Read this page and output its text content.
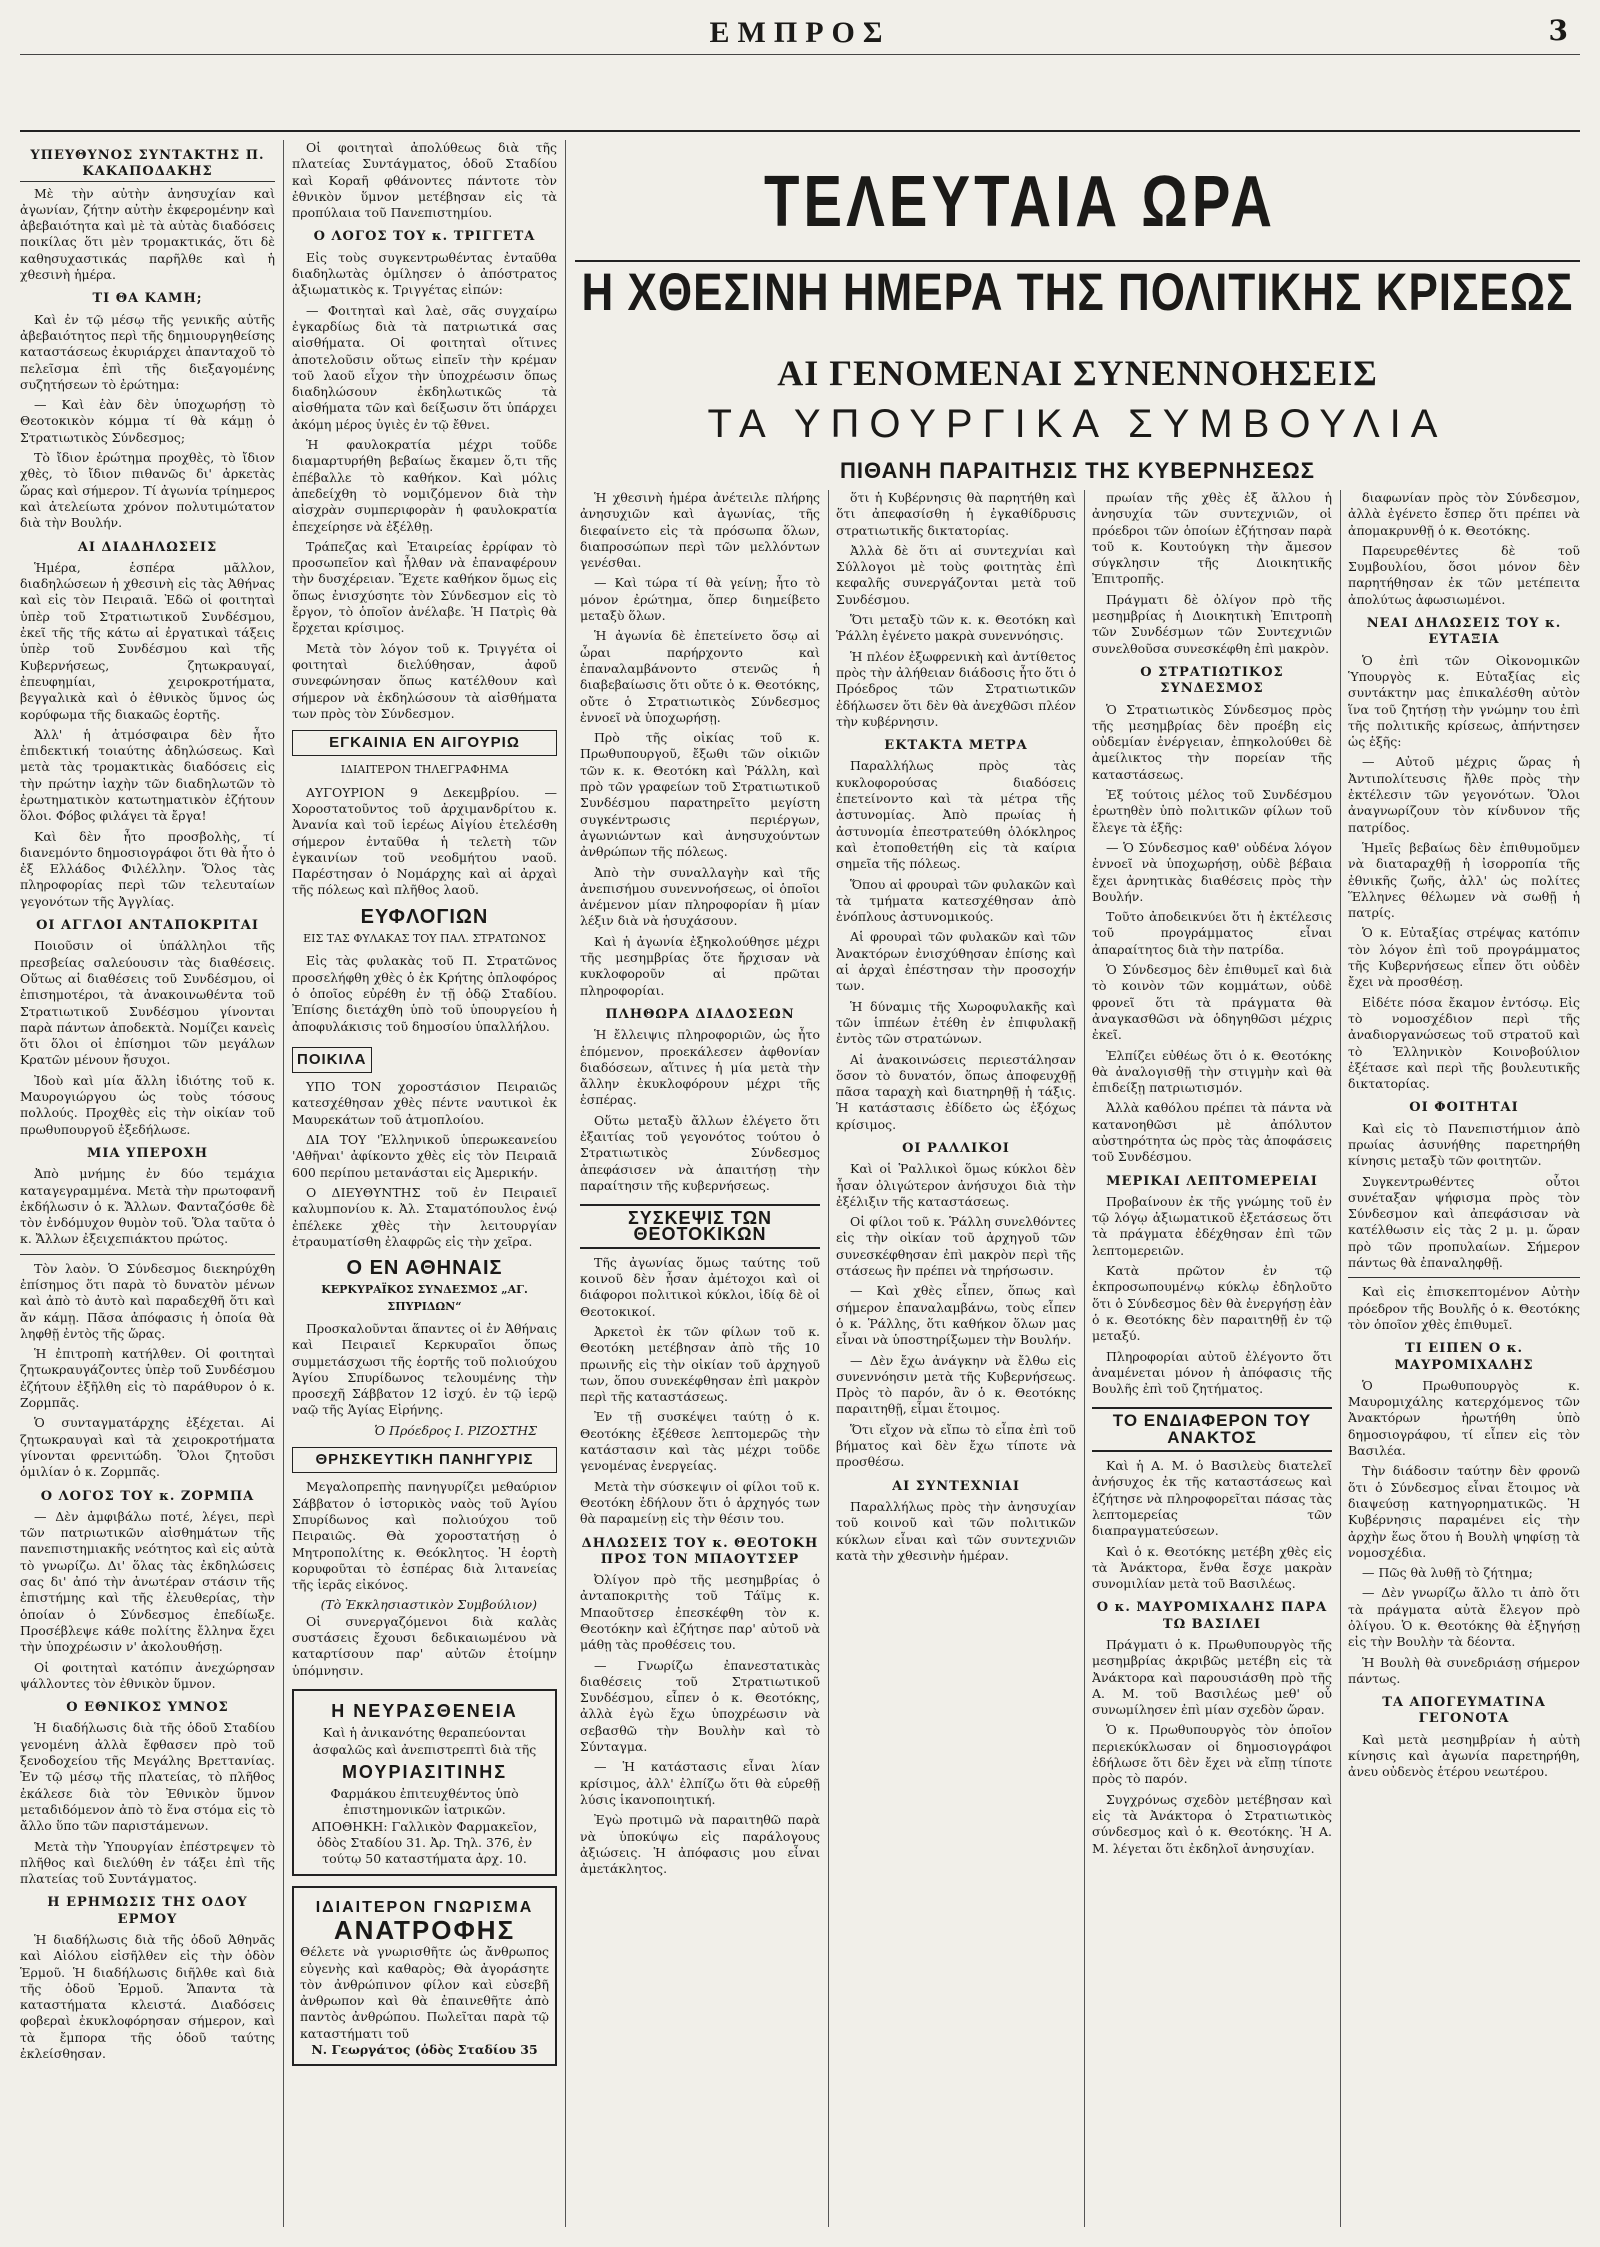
ΕΜΠΡΟΣ	3
ΥΠΕΥΘΥΝΟΣ ΣΥΝΤΑΚΤΗΣ Π. ΚΑΚΑΠΟΔΑΚΗΣ

Μὲ τὴν αὐτὴν ἀνησυχίαν καὶ ἀγωνίαν, ζήτην αὐτὴν ἐκφερομένην καὶ ἀβεβαιότητα καὶ μὲ τὰ αὐτὰς διαδόσεις ποικίλας ὅτι μὲν τρομακτικάς, ὅτι δὲ καθησυχαστικάς παρῆλθε καὶ ἡ χθεσινὴ ἡμέρα.

ΤΙ ΘΑ ΚΑΜΗ;

Καὶ ἐν τῷ μέσῳ τῆς γενικῆς αὐτῆς ἀβεβαιότητος περὶ τῆς δημιουργηθείσης καταστάσεως ἐκυριάρχει ἀπανταχοῦ τὸ πελεῖσμα ἐπὶ τῆς διεξαγομένης συζητήσεων τὸ ἐρώτημα:

— Καὶ ἐὰν δὲν ὑποχωρήσῃ τὸ Θεοτοκικὸν κόμμα τί θὰ κάμῃ ὁ Στρατιωτικὸς Σύνδεσμος;

Τὸ ἴδιον ἐρώτημα προχθὲς, τὸ ἴδιον χθὲς, τὸ ἴδιον πιθανῶς δι' ἀρκετὰς ὥρας καὶ σήμερον. Τί ἀγωνία τρίημερος καὶ ἀτελείωτα χρόνον πολυτιμώτατον διὰ τὴν Βουλήν.

ΑΙ ΔΙΑΔΗΛΩΣΕΙΣ

Ἡμέρα, ἑσπέρα μᾶλλον, διαδηλώσεων ἡ χθεσινὴ εἰς τὰς Ἀθήνας καὶ εἰς τὸν Πειραιᾶ. Ἐδῶ οἱ φοιτηταὶ ὑπὲρ τοῦ Στρατιωτικοῦ Συνδέσμου, ἐκεῖ τῆς τῆς κάτω αἱ ἐργατικαὶ τάξεις ὑπὲρ τοῦ Συνδέσμου καὶ τῆς Κυβερνήσεως, ζητωκραυγαί, ἐπευφημίαι, χειροκροτήματα, βεγγαλικὰ καὶ ὁ ἐθνικὸς ὕμνος ὡς κορύφωμα τῆς διακαῶς ἑορτῆς.

Ἀλλ' ἡ ἀτμόσφαιρα δὲν ἦτο ἐπιδεκτική τοιαύτης ἀδηλώσεως. Καὶ μετὰ τὰς τρομακτικὰς διαδόσεις εἰς τὴν πρώτην ἰαχὴν τῶν διαδηλωτῶν τὸ ἐρωτηματικὸν κατωτηματικὸν ἐζήτουν ὅλοι. Φόβος φιλάγει τὰ ἔργα!

Καὶ δὲν ἦτο προσβολὴς, τί διανεμόντο δημοσιογράφοι ὅτι θὰ ἦτο ὁ ἐξ Ελλάδος Φιλέλλην. Ὅλος τὰς πληροφορίας περὶ τῶν τελευταίων γεγονότων τῆς Ἀγγλίας.

ΟΙ ΑΓΓΛΟΙ ΑΝΤΑΠΟΚΡΙΤΑΙ

Ποιοῦσιν οἱ ὑπάλληλοι τῆς πρεσβείας σαλεύουσιν τὰς διαθέσεις. Οὕτως αἱ διαθέσεις τοῦ Συνδέσμου, οἱ ἐπισημοτέροι, τὰ ἀνακοινωθέντα τοῦ Στρατιωτικοῦ Συνδέσμου γίνονται παρὰ πάντων ἀποδεκτὰ. Νομίζει κανεὶς ὅτι ὅλοι οἱ ἐπίσημοι τῶν μεγάλων Κρατῶν μένουν ἤσυχοι.

Ἰδοὺ καὶ μία ἄλλη ἰδιότης τοῦ κ. Μαυρογιώργου ὡς τοὺς τόσους πολλούς. Προχθὲς εἰς τὴν οἰκίαν τοῦ πρωθυπουργοῦ ἐξεδήλωσε.

ΜΙΑ ΥΠΕΡΟΧΗ

Ἀπὸ μνήμης ἐν δύο τεμάχια καταγεγραμμένα. Μετὰ τὴν πρωτοφανῆ ἐκδήλωσιν ὁ κ. Ἄλλων. Φανταζόσθε δὲ τὸν ἐνδόμυχον θυμὸν τοῦ. Ὅλα ταῦτα ὁ κ. Ἄλλων ἐξειχεπιάκτου πρώτος.

Τὸν λαὸν. Ὁ Σύνδεσμος διεκηρύχθη ἐπίσημος ὅτι παρὰ τὸ δυνατὸν μένων καὶ ἀπὸ τὸ ἀυτὸ καὶ παραδεχθῆ ὅτι καὶ ἄν κάμῃ. Πᾶσα ἀπόφασις ἡ ὁποία θὰ ληφθῇ ἐντὸς τῆς ὥρας.

Ἡ ἐπιτροπὴ κατήλθεν. Οἱ φοιτηταὶ ζητωκραυγάζοντες ὑπὲρ τοῦ Συνδέσμου ἐζήτουν ἐξῆλθη εἰς τὸ παράθυρον ὁ κ. Ζορμπᾶς.

Ὁ συνταγματάρχης ἐξέχεται. Αἱ ζητωκραυγαὶ καὶ τὰ χειροκροτήματα γίνονται φρενιτώδη. Ὅλοι ζητοῦσι ὁμιλίαν ὁ κ. Ζορμπᾶς.

Ο ΛΟΓΟΣ ΤΟΥ κ. ΖΟΡΜΠΑ

— Δὲν ἀμφιβάλω ποτέ, λέγει, περὶ τῶν πατριωτικῶν αἰσθημάτων τῆς πανεπιστημιακῆς νεότητος καὶ εἰς αὐτὰ τὸ γνωρίζω. Δι' ὅλας τὰς ἐκδηλώσεις σας δι' ἀπό τὴν ἀνωτέραν στάσιν τῆς ἐπιστήμης καὶ τῆς ἐλευθερίας, τὴν ὁποίαν ὁ Σύνδεσμος ἐπεδίωξε. Προσέβλεψε κάθε πολίτης ἔλληνα ἔχει τὴν ὑποχρέωσιν ν' ἀκολουθήσῃ.

Οἱ φοιτηταὶ κατόπιν ἀνεχώρησαν ψάλλοντες τὸν ἐθνικὸν ὕμνον.

Ο ΕΘΝΙΚΟΣ ΥΜΝΟΣ

Ἡ διαδήλωσις διὰ τῆς ὁδοῦ Σταδίου γενομένη ἀλλὰ ἔφθασεν πρὸ τοῦ ξενοδοχείου τῆς Μεγάλης Βρεττανίας. Ἐν τῷ μέσῳ τῆς πλατείας, τὸ πλῆθος ἐκάλεσε διὰ τὸν Ἐθνικὸν ὕμνον μεταδιδόμενον ἀπὸ τὸ ἕνα στόμα εἰς τὸ ἄλλο ὕπο τῶν παριστάμενων.

Μετὰ τὴν Ὑπουργίαν ἐπέστρεψεν τὸ πλῆθος καὶ διελύθη ἐν τάξει ἐπὶ τῆς πλατείας τοῦ Συντάγματος.

Η ΕΡΗΜΩΣΙΣ ΤΗΣ ΟΔΟΥ ΕΡΜΟΥ

Ἡ διαδήλωσις διὰ τῆς ὁδοῦ Ἀθηνᾶς καὶ Αἰόλου εἰσῆλθεν εἰς τὴν ὁδὸν Ἑρμοῦ. Ἡ διαδήλωσις διῆλθε καὶ διὰ τῆς ὁδοῦ Ἑρμοῦ. Ἅπαντα τὰ καταστήματα κλειστά. Διαδόσεις φοβεραὶ ἐκυκλοφόρησαν σήμερον, καὶ τὰ ἔμπορα τῆς ὁδοῦ ταύτης ἐκλείσθησαν.

Οἱ φοιτηταὶ ἀπολύθεως διὰ τῆς πλατείας Συντάγματος, ὁδοῦ Σταδίου καὶ Κοραῆ φθάνοντες πάντοτε τὸν ἐθνικὸν ὕμνον μετέβησαν εἰς τὰ προπύλαια τοῦ Πανεπιστημίου.

Ο ΛΟΓΟΣ ΤΟΥ κ. ΤΡΙΓΓΕΤΑ

Εἰς τοὺς συγκεντρωθέντας ἐνταῦθα διαδηλωτὰς ὁμίλησεν ὁ ἀπόστρατος ἀξιωματικὸς κ. Τριγγέτας εἰπών:

— Φοιτηταὶ καὶ λαὲ, σᾶς συγχαίρω ἐγκαρδίως διὰ τὰ πατριωτικά σας αἰσθήματα. Οἱ φοιτηταὶ οἵτινες ἀποτελοῦσιν οὕτως εἰπεῖν τὴν κρέμαν τοῦ λαοῦ εἶχον τὴν ὑποχρέωσιν ὅπως διαδηλώσουν ἐκδηλωτικῶς τὰ αἰσθήματα τῶν καὶ δείξωσιν ὅτι ὑπάρχει ἀκόμη μέρος ὑγιὲς ἐν τῷ ἔθνει.

Ἡ φαυλοκρατία μέχρι τοῦδε διαμαρτυρήθη βεβαίως ἔκαμεν ὅ,τι τῆς ἐπέβαλλε τὸ καθήκον. Καὶ μόλις ἀπεδείχθη τὸ νομιζόμενον διὰ τὴν αἰσχρὰν συμπεριφορὰν ἡ φαυλοκρατία ἐπεχείρησε νὰ ἐξέλθῃ.

Τράπεζας καὶ Ἑταιρείας ἐρρίφαν τὸ προσωπεῖον καὶ ἦλθαν νὰ ἐπαναφέρουν τὴν δυσχέρειαν. Ἔχετε καθήκον ὅμως εἰς ὅπως ἐνισχύσητε τὸν Σύνδεσμον εἰς τὸ ἔργον, τὸ ὁποῖον ἀνέλαβε. Ἡ Πατρὶς θὰ ἔρχεται κρίσιμος.

Μετὰ τὸν λόγον τοῦ κ. Τριγγέτα οἱ φοιτηταὶ διελύθησαν, ἀφοῦ συνεφώνησαν ὅπως κατέλθουν καὶ σήμερον νὰ ἐκδηλώσουν τὰ αἰσθήματα των πρὸς τὸν Σύνδεσμον.

ΕΓΚΑΙΝΙΑ ΕΝ ΑΙΓΟΥΡΙΩ
ΙΔΙΑΙΤΕΡΟΝ ΤΗΛΕΓΡΑΦΗΜΑ

ΑΥΓΟΥΡΙΟΝ 9 Δεκεμβρίου. — Χοροστατοῦντος τοῦ ἀρχιμανδρίτου κ. Ἀνανία καὶ τοῦ ἱερέως Αἰγίου ἐτελέσθη σήμερον ἐνταῦθα ἡ τελετὴ τῶν ἐγκαινίων τοῦ νεοδμήτου ναοῦ. Παρέστησαν ὁ Νομάρχης καὶ αἱ ἀρχαὶ τῆς πόλεως καὶ πλῆθος λαοῦ.

ΕΥΦΛΟΓΙΩΝ
ΕΙΣ ΤΑΣ ΦΥΛΑΚΑΣ ΤΟΥ ΠΑΛ. ΣΤΡΑΤΩΝΟΣ

Εἰς τὰς φυλακὰς τοῦ Π. Στρατῶνος προσελήφθη χθὲς ὁ ἐκ Κρήτης ὁπλοφόρος ὁ ὁποῖος εὐρέθη ἐν τῇ ὁδῷ Σταδίου. Ἐπίσης διετάχθη ὑπὸ τοῦ ὑπουργείου ἡ ἀποφυλάκισις τοῦ δημοσίου ὑπαλλήλου.

ΠΟΙΚΙΛΑ

ΥΠΟ ΤΟΝ χοροστάσιον Πειραιῶς κατεσχέθησαν χθὲς πέντε ναυτικοὶ ἐκ Μαυρεκάτων τοῦ ἀτμοπλοίου.

ΔΙΑ ΤΟΥ 'Ἑλληνικοῦ ὑπερωκεανείου 'Αθῆναι' ἀφίκοντο χθὲς εἰς τὸν Πειραιᾶ 600 περίπου μετανάσται εἰς Ἀμερικήν.

Ο ΔΙΕΥΘΥΝΤΗΣ τοῦ ἐν Πειραιεῖ καλυμπονίου κ. Ἀλ. Σταματόπουλος ἐνῴ ἐπέλεκε χθὲς τὴν λειτουργίαν ἐτραυματίσθη ἐλαφρῶς εἰς τὴν χεῖρα.

Ο ΕΝ ΑΘΗΝΑΙΣ
ΚΕΡΚΥΡΑΪΚΟΣ ΣΥΝΔΕΣΜΟΣ „ΑΓ. ΣΠΥΡΙΔΩΝ“

Προσκαλοῦνται ἅπαντες οἱ ἐν Ἀθήναις καὶ Πειραιεῖ Κερκυραῖοι ὅπως συμμετάσχωσι τῆς ἑορτῆς τοῦ πολιούχου Ἁγίου Σπυρίδωνος τελουμένης τὴν προσεχῆ Σάββατον 12 ἰσχύ. ἐν τῷ ἱερῷ ναῷ τῆς Ἁγίας Εἰρήνης.

Ὁ Πρόεδρος Ι. ΡΙΖΟΣΤΗΣ
ΘΡΗΣΚΕΥΤΙΚΗ ΠΑΝΗΓΥΡΙΣ

Μεγαλοπρεπὴς πανηγυρίζει μεθαύριον Σάββατον ὁ ἱστορικὸς ναὸς τοῦ Ἁγίου Σπυρίδωνος καὶ πολιούχου τοῦ Πειραιῶς. Θὰ χοροστατήσῃ ὁ Μητροπολίτης κ. Θεόκλητος. Ἡ ἑορτὴ κορυφοῦται τὸ ἑσπέρας διὰ λιτανείας τῆς ἱερᾶς εἰκόνος.

(Τὸ Ἐκκλησιαστικὸν Συμβούλιον)

Οἱ συνεργαζόμενοι διὰ καλὰς συστάσεις ἔχουσι δεδικαιωμένου νὰ καταρτίσουν παρ' αὐτῶν ἑτοίμην ὑπόμνησιν.

Η ΝΕΥΡΑΣΘΕΝΕΙΑ
Καὶ ἡ ἀνικανότης θεραπεύονται ἀσφαλῶς καὶ ἀνεπιστρεπτὶ διὰ τῆς
ΜΟΥΡΙΑΣΙΤΙΝΗΣ
Φαρμάκου ἐπιτευχθέντος ὑπὸ ἐπιστημονικῶν ἰατρικῶν.
ΑΠΟΘΗΚΗ: Γαλλικὸν Φαρμακεῖον, ὁδὸς Σταδίου 31. Ἀρ. Τηλ. 376, ἐν τούτῳ 50 καταστήματα ἀρχ. 10.
ΙΔΙΑΙΤΕΡΟΝ ΓΝΩΡΙΣΜΑ
ΑΝΑΤΡΟΦΗΣ
Θέλετε νὰ γνωρισθῆτε ὡς ἄνθρωπος εὐγενὴς καὶ καθαρὸς; Θὰ ἀγοράσητε τὸν ἀνθρώπινον φίλον καὶ εὐσεβῆ ἀνθρωπον καὶ θὰ ἐπαινεθῆτε ἀπὸ παντὸς ἀνθρώπου. Πωλεῖται παρὰ τῷ καταστήματι τοῦ
Ν. Γεωργάτος (ὁδὸς Σταδίου 35
ΤΕΛΕΥΤΑΙΑ ΩΡΑ
Η ΧΘΕΣΙΝΗ ΗΜΕΡΑ ΤΗΣ ΠΟΛΙΤΙΚΗΣ ΚΡΙΣΕΩΣ
ΑΙ ΓΕΝΟΜΕΝΑΙ ΣΥΝΕΝΝΟΗΣΕΙΣ
ΤΑ ΥΠΟΥΡΓΙΚΑ ΣΥΜΒΟΥΛΙΑ
ΠΙΘΑΝΗ ΠΑΡΑΙΤΗΣΙΣ ΤΗΣ ΚΥΒΕΡΝΗΣΕΩΣ

Ἡ χθεσινὴ ἡμέρα ἀνέτειλε πλήρης ἀνησυχιῶν καὶ ἀγωνίας, τῆς διεφαίνετο εἰς τὰ πρόσωπα ὅλων, διαπροσώπων περὶ τῶν μελλόντων γενέσθαι.

— Καὶ τώρα τί θὰ γείνῃ; ἦτο τὸ μόνον ἐρώτημα, ὅπερ διημείβετο μεταξὺ ὅλων.

Ἡ ἀγωνία δὲ ἐπετείνετο ὅσῳ αἱ ὧραι παρήρχοντο καὶ ἐπαναλαμβάνοντο στενῶς ἡ διαβεβαίωσις ὅτι οὔτε ὁ κ. Θεοτόκης, οὔτε ὁ Στρατιωτικὸς Σύνδεσμος ἐννοεῖ νὰ ὑποχωρήσῃ.

Πρὸ τῆς οἰκίας τοῦ κ. Πρωθυπουργοῦ, ἔξωθι τῶν οἰκιῶν τῶν κ. κ. Θεοτόκη καὶ Ῥάλλη, καὶ πρὸ τῶν γραφείων τοῦ Στρατιωτικοῦ Συνδέσμου παρατηρεῖτο μεγίστη συγκέντρωσις περιέργων, ἀγωνιώντων καὶ ἀνησυχούντων ἀνθρώπων τῆς πόλεως.

Ἀπὸ τὴν συναλλαγὴν καὶ τῆς ἀνεπισήμου συνεννοήσεως, οἱ ὁποῖοι ἀνέμενον μίαν πληροφορίαν ἢ μίαν λέξιν διὰ νὰ ἡσυχάσουν.

Καὶ ἡ ἀγωνία ἐξηκολούθησε μέχρι τῆς μεσημβρίας ὅτε ἤρχισαν νὰ κυκλοφοροῦν αἱ πρῶται πληροφορίαι.

ΠΛΗΘΩΡΑ ΔΙΑΔΟΣΕΩΝ

Ἡ ἔλλειψις πληροφοριῶν, ὡς ἦτο ἑπόμενον, προεκάλεσεν ἀφθονίαν διαδόσεων, αἵτινες ἡ μία μετὰ τὴν ἄλλην ἐκυκλοφόρουν μέχρι τῆς ἑσπέρας.

Οὕτω μεταξὺ ἄλλων ἐλέγετο ὅτι ἐξαιτίας τοῦ γεγονότος τούτου ὁ Στρατιωτικὸς Σύνδεσμος ἀπεφάσισεν νὰ ἀπαιτήσῃ τὴν παραίτησιν τῆς κυβερνήσεως.

ΣΥΣΚΕΨΙΣ ΤΩΝ ΘΕΟΤΟΚΙΚΩΝ

Τῆς ἀγωνίας ὅμως ταύτης τοῦ κοινοῦ δὲν ἦσαν ἀμέτοχοι καὶ οἱ διάφοροι πολιτικοὶ κύκλοι, ἰδίᾳ δὲ οἱ Θεοτοκικοί.

Ἀρκετοὶ ἐκ τῶν φίλων τοῦ κ. Θεοτόκη μετέβησαν ἀπὸ τῆς 10 πρωινῆς εἰς τὴν οἰκίαν τοῦ ἀρχηγοῦ των, ὅπου συνεκέφθησαν ἐπὶ μακρὸν περὶ τῆς καταστάσεως.

Ἐν τῇ συσκέψει ταύτῃ ὁ κ. Θεοτόκης ἐξέθεσε λεπτομερῶς τὴν κατάστασιν καὶ τὰς μέχρι τοῦδε γενομένας ἐνεργείας.

Μετὰ τὴν σύσκεψιν οἱ φίλοι τοῦ κ. Θεοτόκη ἐδήλουν ὅτι ὁ ἀρχηγός των θὰ παραμείνῃ εἰς τὴν θέσιν του.

ΔΗΛΩΣΕΙΣ ΤΟΥ κ. ΘΕΟΤΟΚΗ ΠΡΟΣ ΤΟΝ ΜΠΑΟΥΤΣΕΡ

Ὀλίγον πρὸ τῆς μεσημβρίας ὁ ἀνταποκριτὴς τοῦ Τάϊμς κ. Μπαοῦτσερ ἐπεσκέφθη τὸν κ. Θεοτόκην καὶ ἐζήτησε παρ' αὐτοῦ νὰ μάθῃ τὰς προθέσεις του.

— Γνωρίζω ἐπανεστατικὰς διαθέσεις τοῦ Στρατιωτικοῦ Συνδέσμου, εἶπεν ὁ κ. Θεοτόκης, ἀλλὰ ἐγὼ ἔχω ὑποχρέωσιν νὰ σεβασθῶ τὴν Βουλὴν καὶ τὸ Σύνταγμα.

— Ἡ κατάστασις εἶναι λίαν κρίσιμος, ἀλλ' ἐλπίζω ὅτι θὰ εὑρεθῇ λύσις ἱκανοποιητική.

Ἐγὼ προτιμῶ νὰ παραιτηθῶ παρὰ νὰ ὑποκύψω εἰς παράλογους ἀξιώσεις. Ἡ ἀπόφασις μου εἶναι ἀμετάκλητος.

ὅτι ἡ Κυβέρνησις θὰ παρητήθη καὶ ὅτι ἀπεφασίσθη ἡ ἐγκαθίδρυσις στρατιωτικῆς δικτατορίας.

Ἀλλὰ δὲ ὅτι αἱ συντεχνίαι καὶ Σύλλογοι μὲ τοὺς φοιτητὰς ἐπὶ κεφαλῆς συνεργάζονται μετὰ τοῦ Συνδέσμου.

Ὅτι μεταξὺ τῶν κ. κ. Θεοτόκη καὶ Ῥάλλη ἐγένετο μακρὰ συνεννόησις.

Ἡ πλέον ἐξωφρενικὴ καὶ ἀντίθετος πρὸς τὴν ἀλήθειαν διάδοσις ἦτο ὅτι ὁ Πρόεδρος τῶν Στρατιωτικῶν ἐδήλωσεν ὅτι δὲν θὰ ἀνεχθῶσι πλέον τὴν κυβέρνησιν.

ΕΚΤΑΚΤΑ ΜΕΤΡΑ

Παραλλήλως πρὸς τὰς κυκλοφορούσας διαδόσεις ἐπετείνοντο καὶ τὰ μέτρα τῆς ἀστυνομίας. Ἀπὸ πρωίας ἡ ἀστυνομία ἐπεστρατεύθη ὁλόκληρος καὶ ἐτοποθετήθη εἰς τὰ καίρια σημεῖα τῆς πόλεως.

Ὅπου αἱ φρουραὶ τῶν φυλακῶν καὶ τὰ τμήματα κατεσχέθησαν ἀπὸ ἐνόπλους ἀστυνομικούς.

Αἱ φρουραὶ τῶν φυλακῶν καὶ τῶν Ἀνακτόρων ἐνισχύθησαν ἐπίσης καὶ αἱ ἀρχαὶ ἐπέστησαν τὴν προσοχήν των.

Ἡ δύναμις τῆς Χωροφυλακῆς καὶ τῶν ἱππέων ἐτέθη ἐν ἐπιφυλακῇ ἐντὸς τῶν στρατώνων.

Αἱ ἀνακοινώσεις περιεστάλησαν ὅσον τὸ δυνατόν, ὅπως ἀποφευχθῇ πᾶσα ταραχὴ καὶ διατηρηθῇ ἡ τάξις. Ἡ κατάστασις ἐδίδετο ὡς ἐξόχως κρίσιμος.

ΟΙ ΡΑΛΛΙΚΟΙ

Καὶ οἱ Ῥαλλικοὶ ὅμως κύκλοι δὲν ἦσαν ὀλιγώτερον ἀνήσυχοι διὰ τὴν ἐξέλιξιν τῆς καταστάσεως.

Οἱ φίλοι τοῦ κ. Ῥάλλη συνελθόντες εἰς τὴν οἰκίαν τοῦ ἀρχηγοῦ τῶν συνεσκέφθησαν ἐπὶ μακρὸν περὶ τῆς στάσεως ἣν πρέπει νὰ τηρήσωσιν.

— Καὶ χθὲς εἶπεν, ὅπως καὶ σήμερον ἐπαναλαμβάνω, τοὺς εἶπεν ὁ κ. Ῥάλλης, ὅτι καθήκον ὅλων μας εἶναι νὰ ὑποστηρίξωμεν τὴν Βουλήν.

— Δὲν ἔχω ἀνάγκην νὰ ἔλθω εἰς συνεννόησιν μετὰ τῆς Κυβερνήσεως. Πρὸς τὸ παρόν, ἂν ὁ κ. Θεοτόκης παραιτηθῇ, εἶμαι ἕτοιμος.

Ὅτι εἴχον νὰ εἴπω τὸ εἶπα ἐπὶ τοῦ βήματος καὶ δὲν ἔχω τίποτε νὰ προσθέσω.

ΑΙ ΣΥΝΤΕΧΝΙΑΙ

Παραλλήλως πρὸς τὴν ἀνησυχίαν τοῦ κοινοῦ καὶ τῶν πολιτικῶν κύκλων εἶναι καὶ τῶν συντεχνιῶν κατὰ τὴν χθεσινὴν ἡμέραν.

πρωίαν τῆς χθὲς ἐξ ἄλλου ἡ ἀνησυχία τῶν συντεχνιῶν, οἱ πρόεδροι τῶν ὁποίων ἐζήτησαν παρὰ τοῦ κ. Κουτούγκη τὴν ἄμεσον σύγκλησιν τῆς Διοικητικῆς Ἐπιτροπῆς.

Πράγματι δὲ ὀλίγον πρὸ τῆς μεσημβρίας ἡ Διοικητικὴ Ἐπιτροπὴ τῶν Συνδέσμων τῶν Συντεχνιῶν συνελθοῦσα συνεσκέφθη ἐπὶ μακρὸν.

Ο ΣΤΡΑΤΙΩΤΙΚΟΣ ΣΥΝΔΕΣΜΟΣ

Ὁ Στρατιωτικὸς Σύνδεσμος πρὸς τῆς μεσημβρίας δὲν προέβη εἰς οὐδεμίαν ἐνέργειαν, ἐπηκολούθει δὲ ἀμείλικτος τὴν πορείαν τῆς καταστάσεως.

Ἐξ τούτοις μέλος τοῦ Συνδέσμου ἐρωτηθὲν ὑπὸ πολιτικῶν φίλων τοῦ ἔλεγε τὰ ἑξῆς:

— Ὁ Σύνδεσμος καθ' οὐδένα λόγον ἐννοεῖ νὰ ὑποχωρήσῃ, οὐδὲ βέβαια ἔχει ἀρνητικὰς διαθέσεις πρὸς τὴν Βουλήν.

Τοῦτο ἀποδεικνύει ὅτι ἡ ἐκτέλεσις τοῦ προγράμματος εἶναι ἀπαραίτητος διὰ τὴν πατρίδα.

Ὁ Σύνδεσμος δὲν ἐπιθυμεῖ καὶ διὰ τὸ κοινὸν τῶν κομμάτων, οὐδὲ φρονεῖ ὅτι τὰ πράγματα θὰ ἀναγκασθῶσι νὰ ὁδηγηθῶσι μέχρις ἐκεῖ.

Ἐλπίζει εὐθέως ὅτι ὁ κ. Θεοτόκης θὰ ἀναλογισθῇ τὴν στιγμὴν καὶ θὰ ἐπιδείξῃ πατριωτισμόν.

Ἀλλὰ καθόλου πρέπει τὰ πάντα νὰ κατανοηθῶσι μὲ ἀπόλυτον αὐστηρότητα ὡς πρὸς τὰς ἀποφάσεις τοῦ Συνδέσμου.

ΜΕΡΙΚΑΙ ΛΕΠΤΟΜΕΡΕΙΑΙ

Προβαίνουν ἐκ τῆς γνώμης τοῦ ἐν τῷ λόγῳ ἀξιωματικοῦ ἐξετάσεως ὅτι τὰ πράγματα ἐδέχθησαν ἐπὶ τῶν λεπτομερειῶν.

Κατὰ πρῶτον ἐν τῷ ἐκπροσωπουμένῳ κύκλῳ ἐδηλοῦτο ὅτι ὁ Σύνδεσμος δὲν θὰ ἐνεργήσῃ ἐὰν ὁ κ. Θεοτόκης δὲν παραιτηθῇ ἐν τῷ μεταξύ.

Πληροφορίαι αὐτοῦ ἐλέγοντο ὅτι ἀναμένεται μόνον ἡ ἀπόφασις τῆς Βουλῆς ἐπὶ τοῦ ζητήματος.

ΤΟ ΕΝΔΙΑΦΕΡΟΝ ΤΟΥ ΑΝΑΚΤΟΣ

Καὶ ἡ Α. Μ. ὁ Βασιλεὺς διατελεῖ ἀνήσυχος ἐκ τῆς καταστάσεως καὶ ἐζήτησε νὰ πληροφορεῖται πάσας τὰς λεπτομερείας τῶν διαπραγματεύσεων.

Καὶ ὁ κ. Θεοτόκης μετέβη χθὲς εἰς τὰ Ἀνάκτορα, ἔνθα ἔσχε μακρὰν συνομιλίαν μετὰ τοῦ Βασιλέως.

Ο κ. ΜΑΥΡΟΜΙΧΑΛΗΣ ΠΑΡΑ ΤΩ ΒΑΣΙΛΕΙ

Πράγματι ὁ κ. Πρωθυπουργὸς τῆς μεσημβρίας ἀκριβῶς μετέβη εἰς τὰ Ἀνάκτορα καὶ παρουσιάσθη πρὸ τῆς Α. Μ. τοῦ Βασιλέως μεθ' οὗ συνωμίλησεν ἐπὶ μίαν σχεδὸν ὥραν.

Ὁ κ. Πρωθυπουργὸς τὸν ὁποῖον περιεκύκλωσαν οἱ δημοσιογράφοι ἐδήλωσε ὅτι δὲν ἔχει νὰ εἴπῃ τίποτε πρὸς τὸ παρόν.

Συγχρόνως σχεδὸν μετέβησαν καὶ εἰς τὰ Ἀνάκτορα ὁ Στρατιωτικὸς σύνδεσμος καὶ ὁ κ. Θεοτόκης. Ἡ Α. Μ. λέγεται ὅτι ἐκδηλοῖ ἀνησυχίαν.

διαφωνίαν πρὸς τὸν Σύνδεσμον, ἀλλὰ ἐγένετο ἔσπερ ὅτι πρέπει νὰ ἀπομακρυνθῇ ὁ κ. Θεοτόκης.

Παρευρεθέντες δὲ τοῦ Συμβουλίου, ὅσοι μόνον δὲν παρητήθησαν ἐκ τῶν μετέπειτα ἀπολύτως ἀφωσιωμένοι.

ΝΕΑΙ ΔΗΛΩΣΕΙΣ ΤΟΥ κ. ΕΥΤΑΞΙΑ

Ὁ ἐπὶ τῶν Οἰκονομικῶν Ὑπουργὸς κ. Εὐταξίας εἰς συντάκτην μας ἐπικαλέσθη αὐτὸν ἵνα τοῦ ζητήσῃ τὴν γνώμην του ἐπὶ τῆς πολιτικῆς κρίσεως, ἀπήντησεν ὡς ἑξῆς:

— Αὐτοῦ μέχρις ὥρας ἡ Ἀντιπολίτευσις ἤλθε πρὸς τὴν ἐκτέλεσιν τῶν γεγονότων. Ὅλοι ἀναγνωρίζουν τὸν κίνδυνον τῆς πατρίδος.

Ἡμεῖς βεβαίως δὲν ἐπιθυμοῦμεν νὰ διαταραχθῇ ἡ ἰσορροπία τῆς ἐθνικῆς ζωῆς, ἀλλ' ὡς πολίτες Ἕλληνες θέλωμεν νὰ σωθῇ ἡ πατρίς.

Ὁ κ. Εὐταξίας στρέψας κατόπιν τὸν λόγον ἐπὶ τοῦ προγράμματος τῆς Κυβερνήσεως εἶπεν ὅτι οὐδὲν ἔχει νὰ προσθέσῃ.

Εἰδέτε πόσα ἔκαμον ἐντόσῳ. Εἰς τὸ νομοσχέδιον περὶ τῆς ἀναδιοργανώσεως τοῦ στρατοῦ καὶ τὸ Ἑλληνικὸν Κοινοβούλιον ἐξέτασε καὶ περὶ τῆς βουλευτικῆς δικτατορίας.

ΟΙ ΦΟΙΤΗΤΑΙ

Καὶ εἰς τὸ Πανεπιστήμιον ἀπὸ πρωίας ἀσυνήθης παρετηρήθη κίνησις μεταξὺ τῶν φοιτητῶν.

Συγκεντρωθέντες οὗτοι συνέταξαν ψήφισμα πρὸς τὸν Σύνδεσμον καὶ ἀπεφάσισαν νὰ κατέλθωσιν εἰς τὰς 2 μ. μ. ὥραν πρὸ τῶν προπυλαίων. Σήμερον πάντως θὰ ἐπαναληφθῇ.

Καὶ εἰς ἐπισκεπτομένον Αὐτὴν πρόεδρον τῆς Βουλῆς ὁ κ. Θεοτόκης τὸν ὁποῖον χθὲς ἐπιθυμεῖ.

ΤΙ ΕΙΠΕΝ Ο κ. ΜΑΥΡΟΜΙΧΑΛΗΣ

Ὁ Πρωθυπουργὸς κ. Μαυρομιχάλης κατερχόμενος τῶν Ἀνακτόρων ἠρωτήθη ὑπὸ δημοσιογράφου, τί εἶπεν εἰς τὸν Βασιλέα.

Τὴν διάδοσιν ταύτην δὲν φρονῶ ὅτι ὁ Σύνδεσμος εἶναι ἔτοιμος νὰ διαψεύσῃ κατηγορηματικῶς. Ἡ Κυβέρνησις παραμένει εἰς τὴν ἀρχὴν ἕως ὅτου ἡ Βουλὴ ψηφίσῃ τὰ νομοσχέδια.

— Πῶς θὰ λυθῇ τὸ ζήτημα;

— Δὲν γνωρίζω ἄλλο τι ἀπὸ ὅτι τὰ πράγματα αὐτὰ ἔλεγον πρὸ ὀλίγου. Ὁ κ. Θεοτόκης θὰ ἐξηγήσῃ εἰς τὴν Βουλὴν τὰ δέοντα.

Ἡ Βουλὴ θὰ συνεδριάσῃ σήμερον πάντως.

ΤΑ ΑΠΟΓΕΥΜΑΤΙΝΑ ΓΕΓΟΝΟΤΑ

Καὶ μετὰ μεσημβρίαν ἡ αὐτὴ κίνησις καὶ ἀγωνία παρετηρήθη, ἀνευ οὐδενὸς ἑτέρου νεωτέρου.
